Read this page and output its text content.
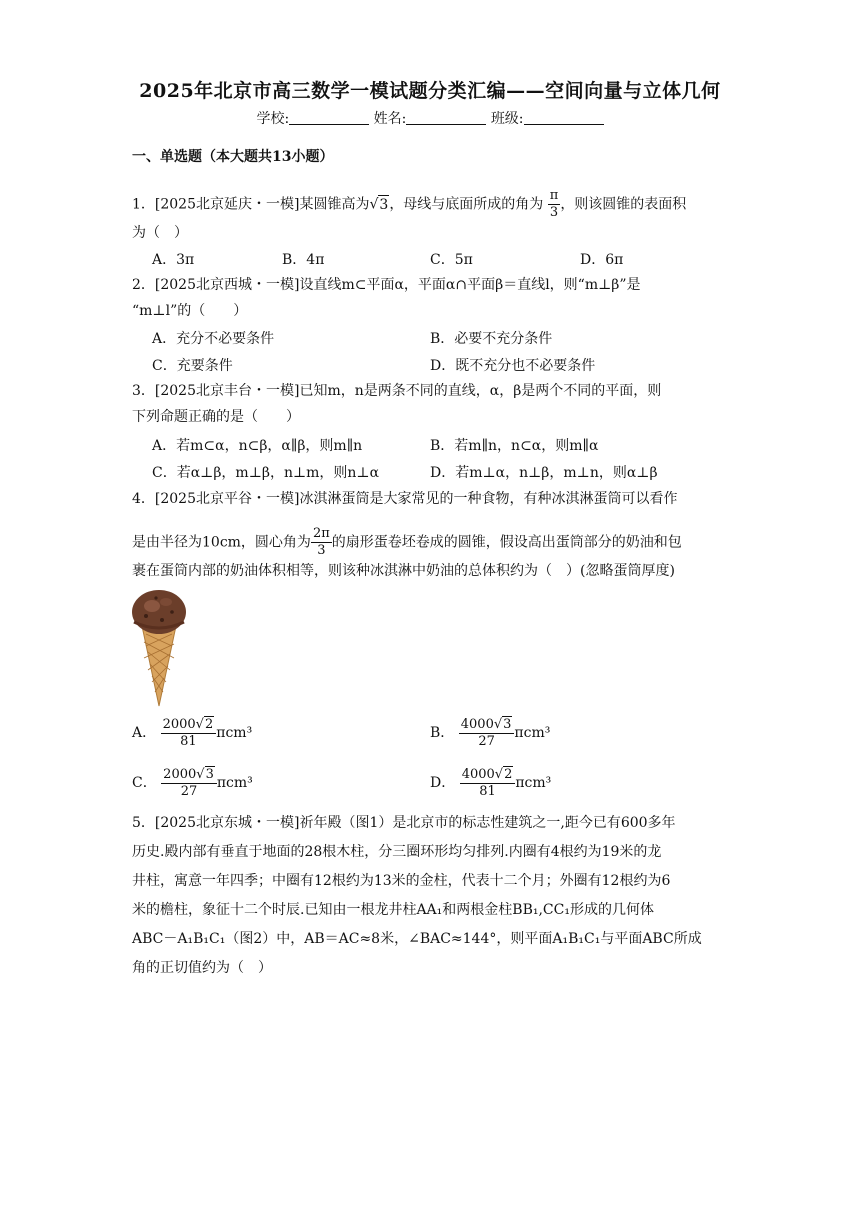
2025年北京市高三数学一模试题分类汇编——空间向量与立体几何
学校:	姓名:	班级:
一、单选题（本大题共13小题）
1．[2025北京延庆・一模]某圆锥高为√3，母线与底面所成的角为 $\frac{\pi}{3}$ ，则该圆锥的表面积
为（　）
A．3π	B．4π	C．5π	D．6π
2．[2025北京西城・一模]设直线m⊂平面α，平面α∩平面β＝直线l，则“m⊥β”是
“m⊥l”的（　　）
A．充分不必要条件	B．必要不充分条件
C．充要条件	D．既不充分也不必要条件
3．[2025北京丰台・一模]已知m，n是两条不同的直线，α，β是两个不同的平面，则
下列命题正确的是（　　）
A．若m⊂α，n⊂β，α∥β，则m∥n	B．若m∥n，n⊂α，则m∥α
C．若α⊥β，m⊥β，n⊥m，则n⊥α	D．若m⊥α，n⊥β，m⊥n，则α⊥β
4．[2025北京平谷・一模]冰淇淋蛋筒是大家常见的一种食物，有种冰淇淋蛋筒可以看作
是由半径为10cm，圆心角为 $\frac{2\pi}{3}$ 的扇形蛋卷坯卷成的圆锥，假设高出蛋筒部分的奶油和包
裹在蛋筒内部的奶油体积相等，则该种冰淇淋中奶油的总体积约为（　）(忽略蛋筒厚度)
A． $\frac{2000√2}{81} \pi cm^3$	B． $\frac{4000√3}{27} \pi cm^3$
C． $\frac{2000√3}{27} \pi cm^3$	D． $\frac{4000√2}{81} \pi cm^3$
5．[2025北京东城・一模]祈年殿（图1）是北京市的标志性建筑之一,距今已有600多年
历史.殿内部有垂直于地面的28根木柱，分三圈环形均匀排列.内圈有4根约为19米的龙
井柱，寓意一年四季；中圈有12根约为13米的金柱，代表十二个月；外圈有12根约为6
米的檐柱，象征十二个时辰.已知由一根龙井柱AA₁和两根金柱BB₁,CC₁形成的几何体
ABC－A₁B₁C₁（图2）中，AB＝AC≈8米，∠BAC≈144°，则平面A₁B₁C₁与平面ABC所成
角的正切值约为（　）
